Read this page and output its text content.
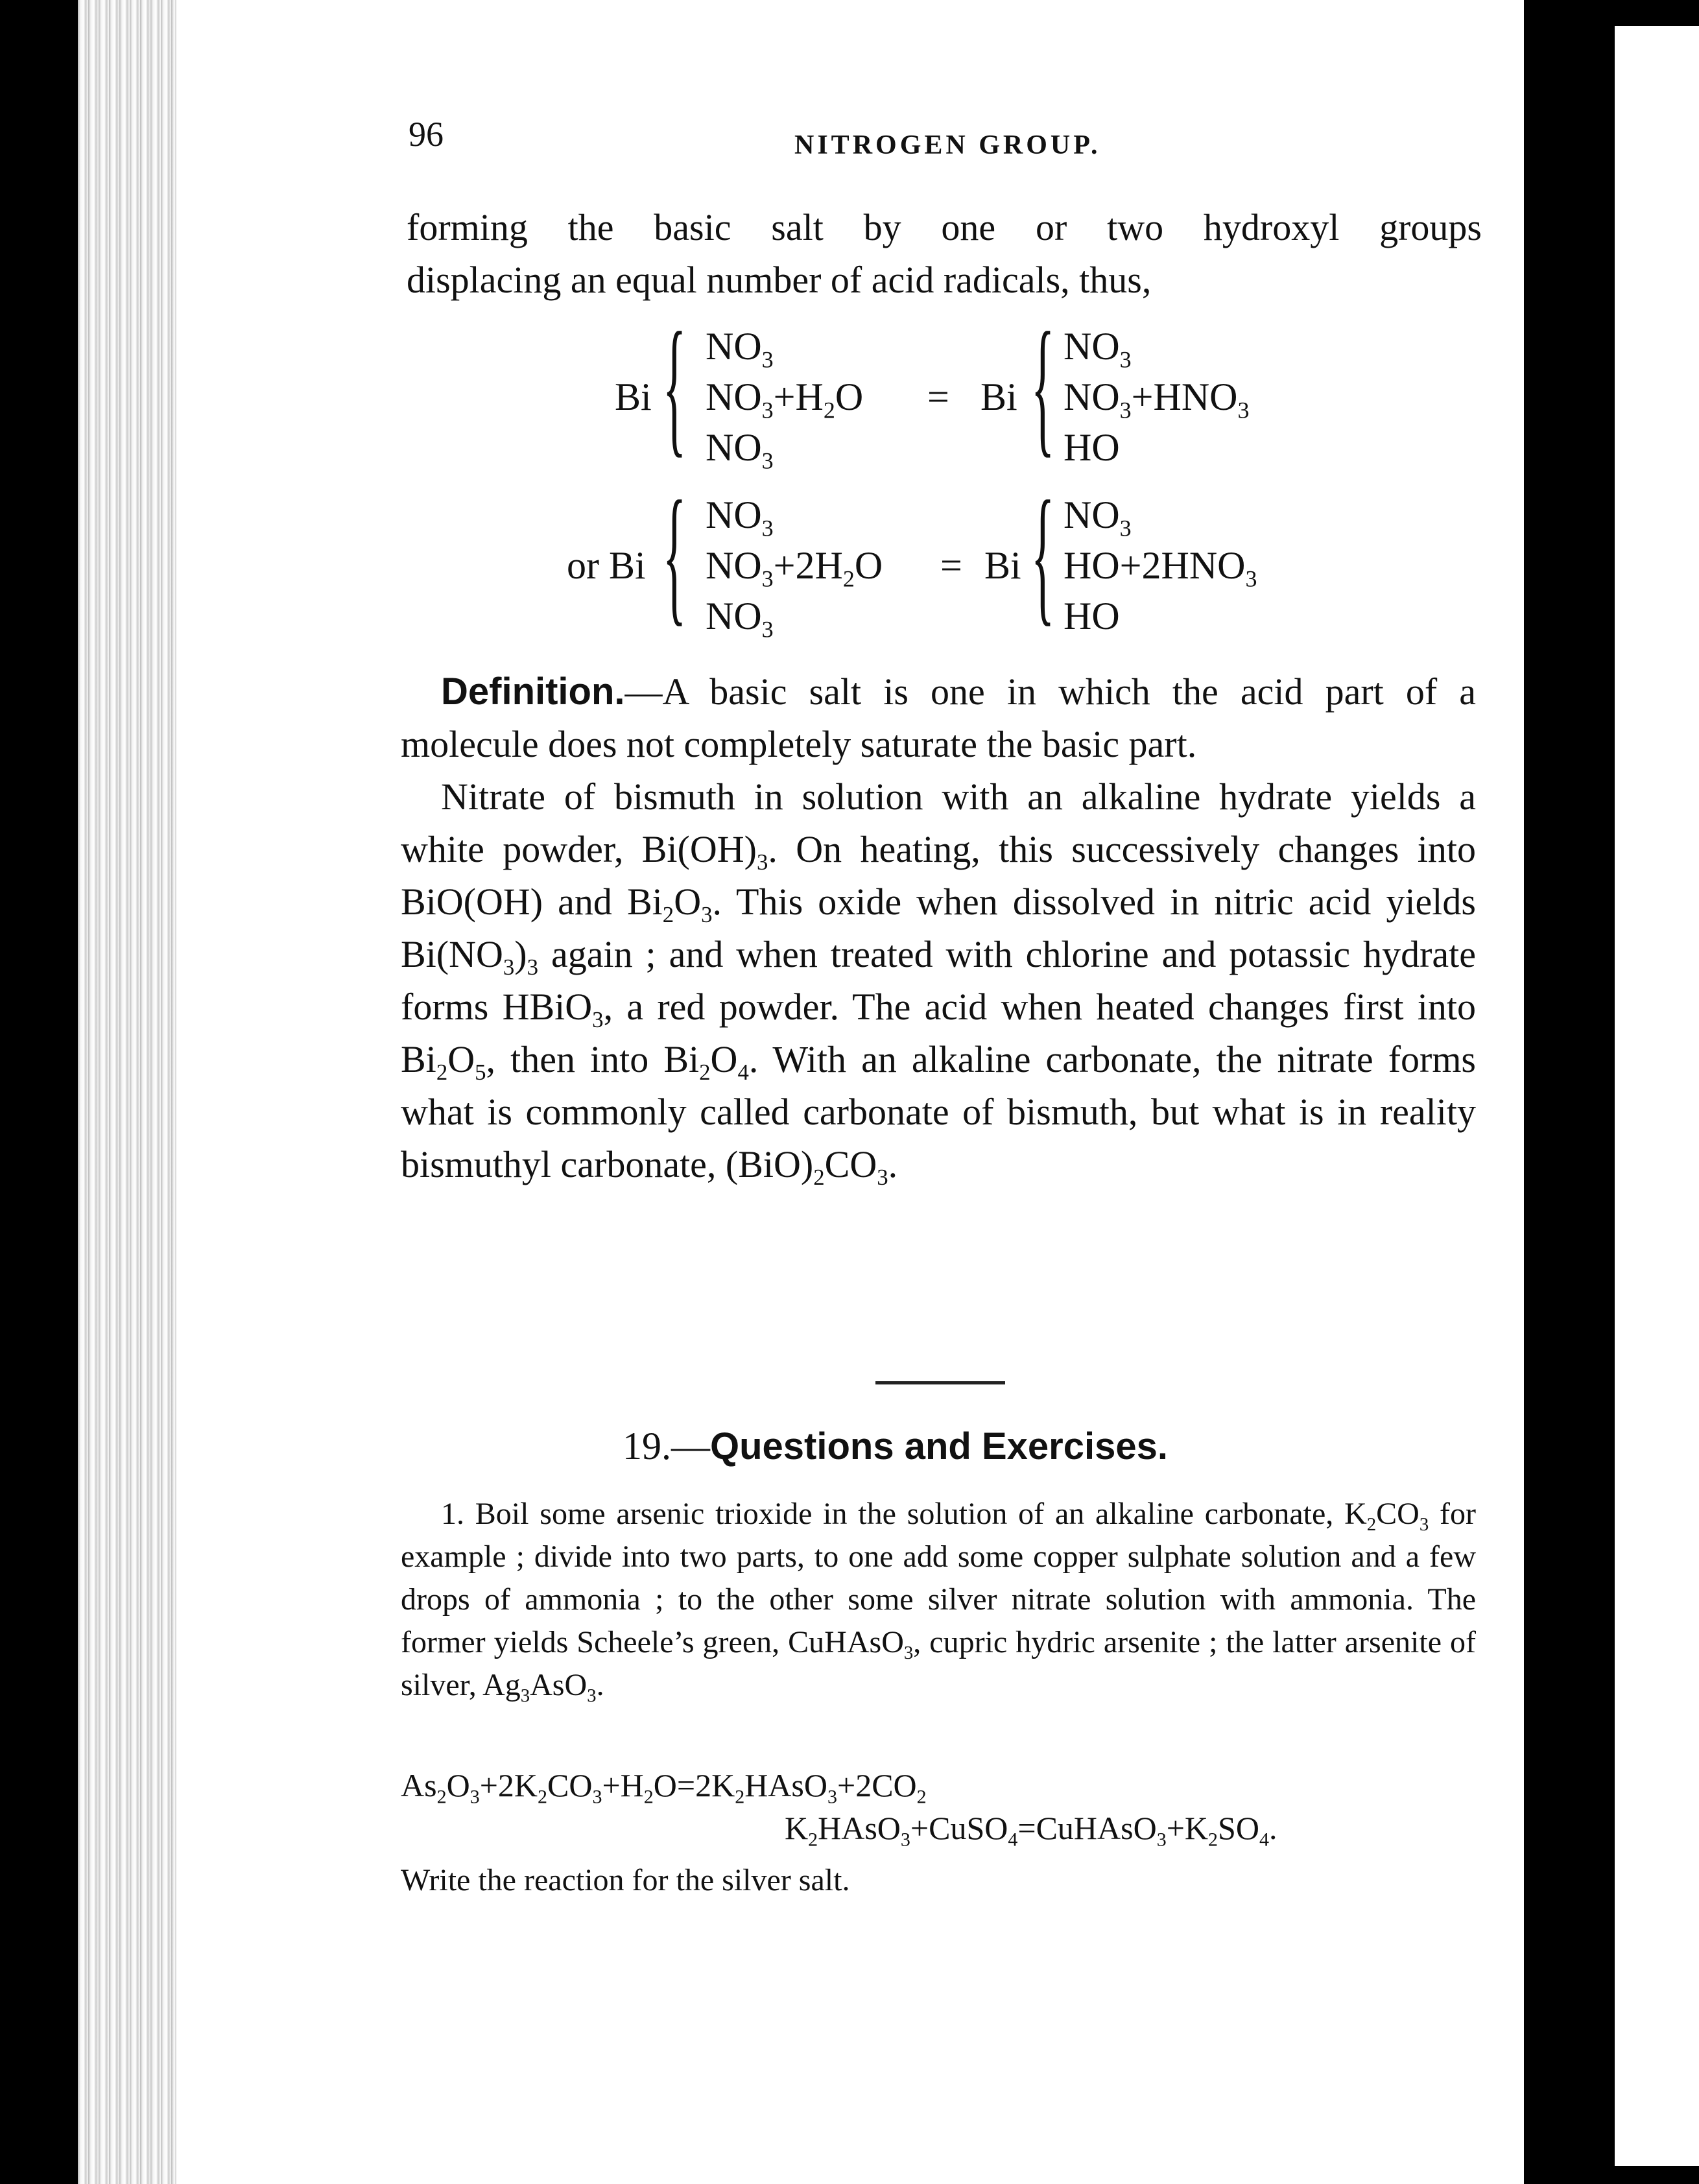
96	NITROGEN GROUP.

forming the basic salt by one or two hydroxyl groups

displacing an equal number of acid radicals, thus,

Bi { $NO_3$
$NO_3+H_2O$
$NO_3$
= Bi { $NO_3$
$NO_3+HNO_3$
HO
or Bi { $NO_3$
$NO_3+2H_2O$
$NO_3$
= Bi { $NO_3$
$HO+2HNO_3$
HO

Definition.—A basic salt is one in which the acid part of a molecule does not completely saturate the basic part.

Nitrate of bismuth in solution with an alkaline hydrate yields a white powder, $Bi(OH)_3$. On heating, this successively changes into BiO(OH) and $Bi_2O_3$. This oxide when dissolved in nitric acid yields $Bi(NO_3)_3$ again ; and when treated with chlorine and potassic hydrate forms HBiO$_3$, a red powder. The acid when heated changes first into $Bi_2O_5$, then into $Bi_2O_4$. With an alkaline carbonate, the nitrate forms what is commonly called carbonate of bismuth, but what is in reality bismuthyl carbonate, $(BiO)_2CO_3$.

19.—Questions and Exercises.

1. Boil some arsenic trioxide in the solution of an alkaline carbonate, $K_2CO_3$ for example ; divide into two parts, to one add some copper sulphate solution and a few drops of ammonia ; to the other some silver nitrate solution with ammonia. The former yields Scheele’s green, CuHAsO$_3$, cupric hydric arsenite ; the latter arsenite of silver, $Ag_3AsO_3$.

$As_2O_3+2K_2CO_3+H_2O=2K_2HAsO_3+2CO_2$
$K_2HAsO_3+CuSO_4=CuHAsO_3+K_2SO_4$.
Write the reaction for the silver salt.
